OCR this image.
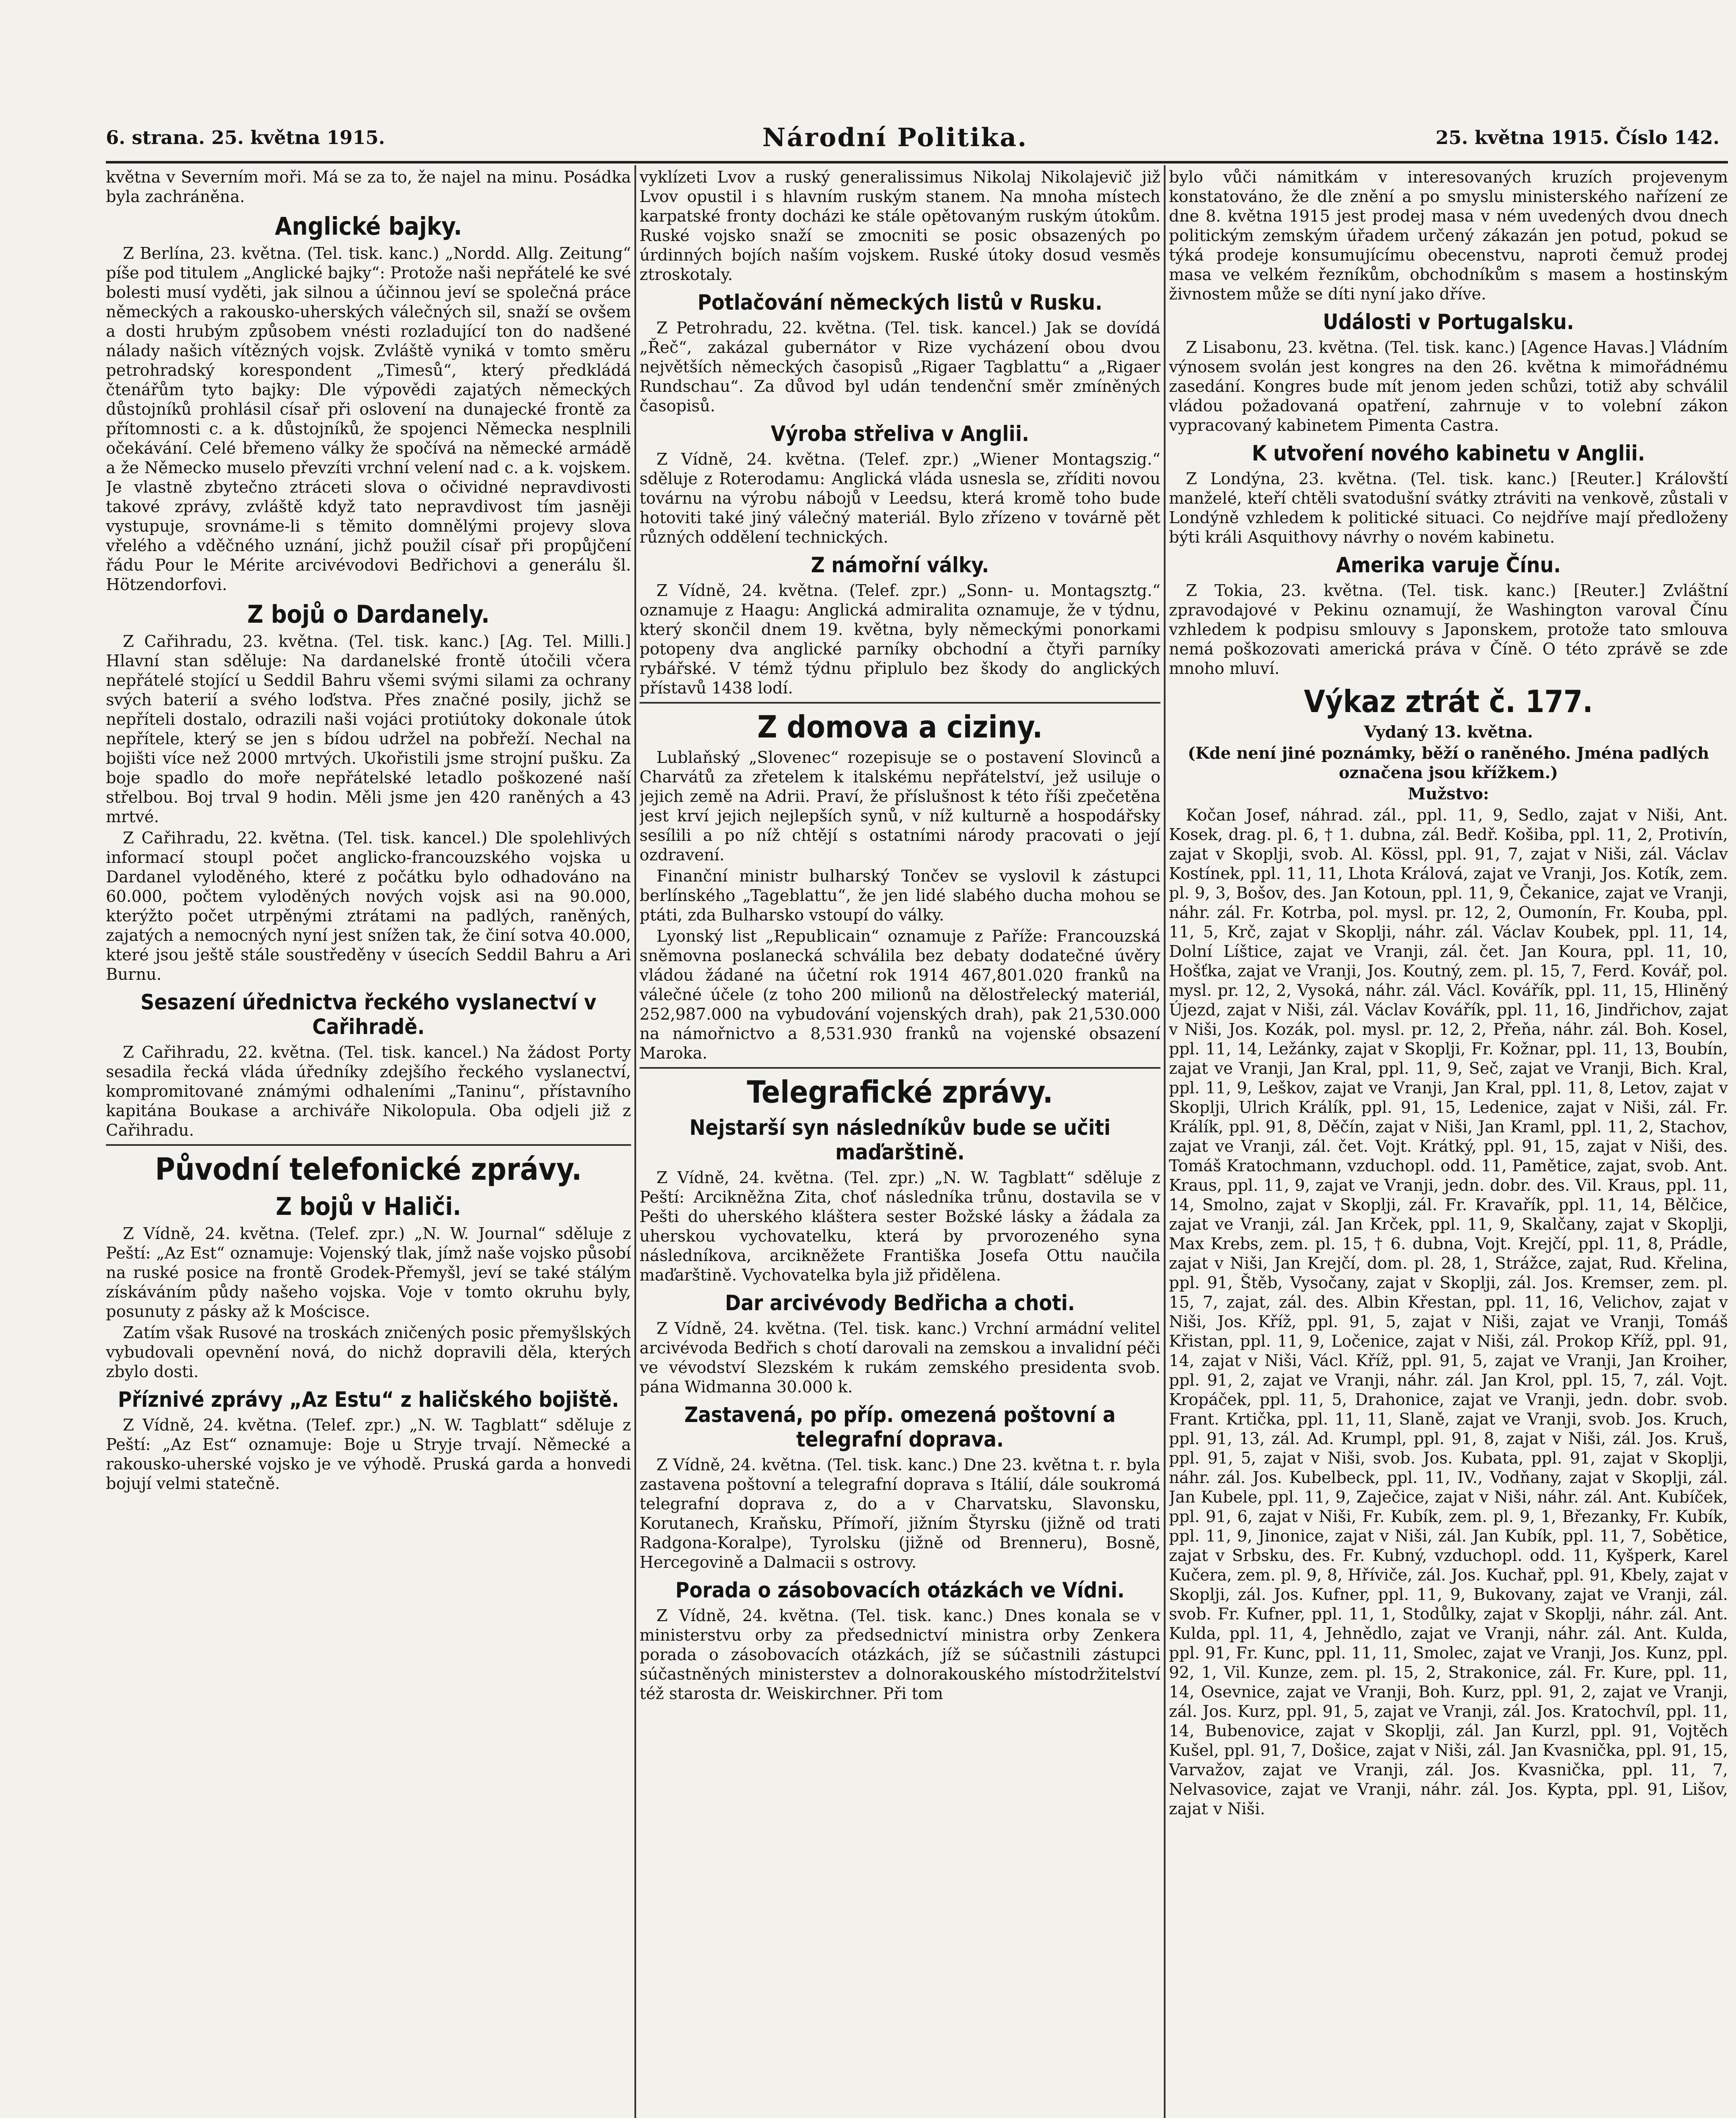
6. strana. 25. května 1915.	Národní Politika.	25. května 1915. Číslo 142.

května v Severním moři. Má se za to, že najel na minu. Posádka byla zachráněna.

Anglické bajky.

Z Berlína, 23. května. (Tel. tisk. kanc.) „Nordd. Allg. Zeitung“ píše pod titulem „Anglické bajky“: Protože naši nepřátelé ke své bolesti musí vyděti, jak silnou a účinnou jeví se společná práce německých a rakousko-uherských válečných sil, snaží se ovšem a dosti hrubým způsobem vnésti rozladující ton do nadšené nálady našich vítězných vojsk. Zvláště vyniká v tomto směru petrohradský korespondent „Timesů“, který předkládá čtenářům tyto bajky: Dle výpovědi zajatých německých důstojníků prohlásil císař při oslovení na dunajecké frontě za přítomnosti c. a k. důstojníků, že spojenci Německa nesplnili očekávání. Celé břemeno války že spočívá na německé armádě a že Německo muselo převzíti vrchní velení nad c. a k. vojskem. Je vlastně zbytečno ztráceti slova o očividné nepravdivosti takové zprávy, zvláště když tato nepravdivost tím jasněji vystupuje, srovnáme-li s těmito domnělými projevy slova vřelého a vděčného uznání, jichž použil císař při propůjčení řádu Pour le Mérite arcivévodovi Bedřichovi a generálu šl. Hötzendorfovi.

Z bojů o Dardanely.

Z Cařihradu, 23. května. (Tel. tisk. kanc.) [Ag. Tel. Milli.] Hlavní stan sděluje: Na dardanelské frontě útočili včera nepřátelé stojící u Seddil Bahru všemi svými silami za ochrany svých baterií a svého loďstva. Přes značné posily, jichž se nepříteli dostalo, odrazili naši vojáci protiútoky dokonale útok nepřítele, který se jen s bídou udržel na pobřeží. Nechal na bojišti více než 2000 mrtvých. Ukořistili jsme strojní pušku. Za boje spadlo do moře nepřátelské letadlo poškozené naší střelbou. Boj trval 9 hodin. Měli jsme jen 420 raněných a 43 mrtvé.

Z Cařihradu, 22. května. (Tel. tisk. kancel.) Dle spolehlivých informací stoupl počet anglicko-francouzského vojska u Dardanel vyloděného, které z počátku bylo odhadováno na 60.000, počtem vyloděných nových vojsk asi na 90.000, kterýžto počet utrpěnými ztrátami na padlých, raněných, zajatých a nemocných nyní jest snížen tak, že činí sotva 40.000, které jsou ještě stále soustředěny v úsecích Seddil Bahru a Ari Burnu.

Sesazení úřednictva řeckého vyslanectví v Cařihradě.

Z Cařihradu, 22. května. (Tel. tisk. kancel.) Na žádost Porty sesadila řecká vláda úředníky zdejšího řeckého vyslanectví, kompromitované známými odhaleními „Taninu“, přístavního kapitána Boukase a archiváře Nikolopula. Oba odjeli již z Cařihradu.

Původní telefonické zprávy.
Z bojů v Haliči.

Z Vídně, 24. května. (Telef. zpr.) „N. W. Journal“ sděluje z Peští: „Az Est“ oznamuje: Vojenský tlak, jímž naše vojsko působí na ruské posice na frontě Grodek-Přemyšl, jeví se také stálým získáváním půdy našeho vojska. Voje v tomto okruhu byly, posunuty z pásky až k Mościsce.

Zatím však Rusové na troskách zničených posic přemyšlských vybudovali opevnění nová, do nichž dopravili děla, kterých zbylo dosti.

Příznivé zprávy „Az Estu“ z haličského bojiště.

Z Vídně, 24. května. (Telef. zpr.) „N. W. Tagblatt“ sděluje z Peští: „Az Est“ oznamuje: Boje u Stryje trvají. Německé a rakousko-uherské vojsko je ve výhodě. Pruská garda a honvedi bojují velmi statečně.

vyklízeti Lvov a ruský generalissimus Nikolaj Nikolajevič již Lvov opustil i s hlavním ruským stanem. Na mnoha místech karpatské fronty docházi ke stále opětovaným ruským útokům. Ruské vojsko snaží se zmocniti se posic obsazených po úrdinných bojích naším vojskem. Ruské útoky dosud vesměs ztroskotaly.

Potlačování německých listů v Rusku.

Z Petrohradu, 22. května. (Tel. tisk. kancel.) Jak se dovídá „Řeč“, zakázal gubernátor v Rize vycházení obou dvou největších německých časopisů „Rigaer Tagblattu“ a „Rigaer Rundschau“. Za důvod byl udán tendenční směr zmíněných časopisů.

Výroba střeliva v Anglii.

Z Vídně, 24. května. (Telef. zpr.) „Wiener Montagszig.“ sděluje z Roterodamu: Anglická vláda usnesla se, zříditi novou továrnu na výrobu nábojů v Leedsu, která kromě toho bude hotoviti také jiný válečný materiál. Bylo zřízeno v továrně pět různých oddělení technických.

Z námořní války.

Z Vídně, 24. května. (Telef. zpr.) „Sonn- u. Montagsztg.“ oznamuje z Haagu: Anglická admiralita oznamuje, že v týdnu, který skončil dnem 19. května, byly německými ponorkami potopeny dva anglické parníky obchodní a čtyři parníky rybářské. V témž týdnu připlulo bez škody do anglických přístavů 1438 lodí.

Z domova a ciziny.

Lublaňský „Slovenec“ rozepisuje se o postavení Slovinců a Charvátů za zřetelem k italskému nepřátelství, jež usiluje o jejich země na Adrii. Praví, že příslušnost k této říši zpečetěna jest krví jejich nejlepších synů, v níž kulturně a hospodářsky sesílili a po níž chtějí s ostatními národy pracovati o její ozdravení.

Finanční ministr bulharský Tončev se vyslovil k zástupci berlínského „Tageblattu“, že jen lidé slabého ducha mohou se ptáti, zda Bulharsko vstoupí do války.

Lyonský list „Republicain“ oznamuje z Paříže: Francouzská sněmovna poslanecká schválila bez debaty dodatečné úvěry vládou žádané na účetní rok 1914 467,801.020 franků na válečné účele (z toho 200 milionů na dělostřelecký materiál, 252,987.000 na vybudování vojenských drah), pak 21,530.000 na námořnictvo a 8,531.930 franků na vojenské obsazení Maroka.

Telegrafické zprávy.
Nejstarší syn následníkův bude se učiti maďarštině.

Z Vídně, 24. května. (Tel. zpr.) „N. W. Tagblatt“ sděluje z Peští: Arcikněžna Zita, choť následníka trůnu, dostavila se v Pešti do uherského kláštera sester Božské lásky a žádala za uherskou vychovatelku, která by prvorozeného syna následníkova, arcikněžete Františka Josefa Ottu naučila maďarštině. Vychovatelka byla již přidělena.

Dar arcivévody Bedřicha a choti.

Z Vídně, 24. května. (Tel. tisk. kanc.) Vrchní armádní velitel arcivévoda Bedřich s chotí darovali na zemskou a invalidní péči ve vévodství Slezském k rukám zemského presidenta svob. pána Widmanna 30.000 k.

Zastavená, po příp. omezená poštovní a telegrafní doprava.

Z Vídně, 24. května. (Tel. tisk. kanc.) Dne 23. května t. r. byla zastavena poštovní a telegrafní doprava s Itálií, dále soukromá telegrafní doprava z, do a v Charvatsku, Slavonsku, Korutanech, Kraňsku, Přímoří, jižním Štyrsku (jižně od trati Radgona-Koralpe), Tyrolsku (jižně od Brenneru), Bosně, Hercegovině a Dalmacii s ostrovy.

Porada o zásobovacích otázkách ve Vídni.

Z Vídně, 24. května. (Tel. tisk. kanc.) Dnes konala se v ministerstvu orby za předsednictví ministra orby Zenkera porada o zásobovacích otázkách, jíž se súčastnili zástupci súčastněných ministerstev a dolnorakouského místodržitelství též starosta dr. Weiskirchner. Při tom

bylo vůči námitkám v interesovaných kruzích projevenym konstatováno, že dle znění a po smyslu ministerského nařízení ze dne 8. května 1915 jest prodej masa v ném uvedených dvou dnech politickým zemským úřadem určený zákazán jen potud, pokud se týká prodeje konsumujícímu obecenstvu, naproti čemuž prodej masa ve velkém řezníkům, obchodníkům s masem a hostinským živnostem může se díti nyní jako dříve.

Události v Portugalsku.

Z Lisabonu, 23. května. (Tel. tisk. kanc.) [Agence Havas.] Vládním výnosem svolán jest kongres na den 26. května k mimořádnému zasedání. Kongres bude mít jenom jeden schůzi, totiž aby schválil vládou požadovaná opatření, zahrnuje v to volební zákon vypracovaný kabinetem Pimenta Castra.

K utvoření nového kabinetu v Anglii.

Z Londýna, 23. května. (Tel. tisk. kanc.) [Reuter.] Královští manželé, kteří chtěli svatodušní svátky ztráviti na venkově, zůstali v Londýně vzhledem k politické situaci. Co nejdříve mají předloženy býti králi Asquithovy návrhy o novém kabinetu.

Amerika varuje Čínu.

Z Tokia, 23. května. (Tel. tisk. kanc.) [Reuter.] Zvláštní zpravodajové v Pekinu oznamují, že Washington varoval Čínu vzhledem k podpisu smlouvy s Japonskem, protože tato smlouva nemá poškozovati americká práva v Číně. O této zprávě se zde mnoho mluví.

Výkaz ztrát č. 177.

Vydaný 13. května.

(Kde není jiné poznámky, běží o raněného. Jména padlých označena jsou křížkem.)

Mužstvo:

Kočan Josef, náhrad. zál., ppl. 11, 9, Sedlo, zajat v Niši, Ant. Kosek, drag. pl. 6, † 1. dubna, zál. Bedř. Košiba, ppl. 11, 2, Protivín, zajat v Skoplji, svob. Al. Kössl, ppl. 91, 7, zajat v Niši, zál. Václav Kostínek, ppl. 11, 11, Lhota Králová, zajat ve Vranji, Jos. Kotík, zem. pl. 9, 3, Bošov, des. Jan Kotoun, ppl. 11, 9, Čekanice, zajat ve Vranji, náhr. zál. Fr. Kotrba, pol. mysl. pr. 12, 2, Oumonín, Fr. Kouba, ppl. 11, 5, Krč, zajat v Skoplji, náhr. zál. Václav Koubek, ppl. 11, 14, Dolní Líštice, zajat ve Vranji, zál. čet. Jan Koura, ppl. 11, 10, Hošťka, zajat ve Vranji, Jos. Koutný, zem. pl. 15, 7, Ferd. Kovář, pol. mysl. pr. 12, 2, Vysoká, náhr. zál. Václ. Kovářík, ppl. 11, 15, Hliněný Újezd, zajat v Niši, zál. Václav Kovářík, ppl. 11, 16, Jindřichov, zajat v Niši, Jos. Kozák, pol. mysl. pr. 12, 2, Přeňa, náhr. zál. Boh. Kosel, ppl. 11, 14, Ležánky, zajat v Skoplji, Fr. Kožnar, ppl. 11, 13, Boubín, zajat ve Vranji, Jan Kral, ppl. 11, 9, Seč, zajat ve Vranji, Bich. Kral, ppl. 11, 9, Leškov, zajat ve Vranji, Jan Kral, ppl. 11, 8, Letov, zajat v Skoplji, Ulrich Králík, ppl. 91, 15, Ledenice, zajat v Niši, zál. Fr. Králík, ppl. 91, 8, Děčín, zajat v Niši, Jan Kraml, ppl. 11, 2, Stachov, zajat ve Vranji, zál. čet. Vojt. Krátký, ppl. 91, 15, zajat v Niši, des. Tomáš Kratochmann, vzduchopl. odd. 11, Pamětice, zajat, svob. Ant. Kraus, ppl. 11, 9, zajat ve Vranji, jedn. dobr. des. Vil. Kraus, ppl. 11, 14, Smolno, zajat v Skoplji, zál. Fr. Kravařík, ppl. 11, 14, Bělčice, zajat ve Vranji, zál. Jan Krček, ppl. 11, 9, Skalčany, zajat v Skoplji, Max Krebs, zem. pl. 15, † 6. dubna, Vojt. Krejčí, ppl. 11, 8, Prádle, zajat v Niši, Jan Krejčí, dom. pl. 28, 1, Strážce, zajat, Rud. Křelina, ppl. 91, Štěb, Vysočany, zajat v Skoplji, zál. Jos. Kremser, zem. pl. 15, 7, zajat, zál. des. Albin Křestan, ppl. 11, 16, Velichov, zajat v Niši, Jos. Kříž, ppl. 91, 5, zajat v Niši, zajat ve Vranji, Tomáš Křistan, ppl. 11, 9, Ločenice, zajat v Niši, zál. Prokop Kříž, ppl. 91, 14, zajat v Niši, Václ. Kříž, ppl. 91, 5, zajat ve Vranji, Jan Kroiher, ppl. 91, 2, zajat ve Vranji, náhr. zál. Jan Krol, ppl. 15, 7, zál. Vojt. Kropáček, ppl. 11, 5, Drahonice, zajat ve Vranji, jedn. dobr. svob. Frant. Krtička, ppl. 11, 11, Slaně, zajat ve Vranji, svob. Jos. Kruch, ppl. 91, 13, zál. Ad. Krumpl, ppl. 91, 8, zajat v Niši, zál. Jos. Kruš, ppl. 91, 5, zajat v Niši, svob. Jos. Kubata, ppl. 91, zajat v Skoplji, náhr. zál. Jos. Kubelbeck, ppl. 11, IV., Vodňany, zajat v Skoplji, zál. Jan Kubele, ppl. 11, 9, Zaječice, zajat v Niši, náhr. zál. Ant. Kubíček, ppl. 91, 6, zajat v Niši, Fr. Kubík, zem. pl. 9, 1, Březanky, Fr. Kubík, ppl. 11, 9, Jinonice, zajat v Niši, zál. Jan Kubík, ppl. 11, 7, Sobětice, zajat v Srbsku, des. Fr. Kubný, vzduchopl. odd. 11, Kyšperk, Karel Kučera, zem. pl. 9, 8, Hříviče, zál. Jos. Kuchař, ppl. 91, Kbely, zajat v Skoplji, zál. Jos. Kufner, ppl. 11, 9, Bukovany, zajat ve Vranji, zál. svob. Fr. Kufner, ppl. 11, 1, Stodůlky, zajat v Skoplji, náhr. zál. Ant. Kulda, ppl. 11, 4, Jehnědlo, zajat ve Vranji, náhr. zál. Ant. Kulda, ppl. 91, Fr. Kunc, ppl. 11, 11, Smolec, zajat ve Vranji, Jos. Kunz, ppl. 92, 1, Vil. Kunze, zem. pl. 15, 2, Strakonice, zál. Fr. Kure, ppl. 11, 14, Osevnice, zajat ve Vranji, Boh. Kurz, ppl. 91, 2, zajat ve Vranji, zál. Jos. Kurz, ppl. 91, 5, zajat ve Vranji, zál. Jos. Kratochvíl, ppl. 11, 14, Bubenovice, zajat v Skoplji, zál. Jan Kurzl, ppl. 91, Vojtěch Kušel, ppl. 91, 7, Došice, zajat v Niši, zál. Jan Kvasnička, ppl. 91, 15, Varvažov, zajat ve Vranji, zál. Jos. Kvasnička, ppl. 11, 7, Nelvasovice, zajat ve Vranji, náhr. zál. Jos. Kypta, ppl. 91, Lišov, zajat v Niši.
